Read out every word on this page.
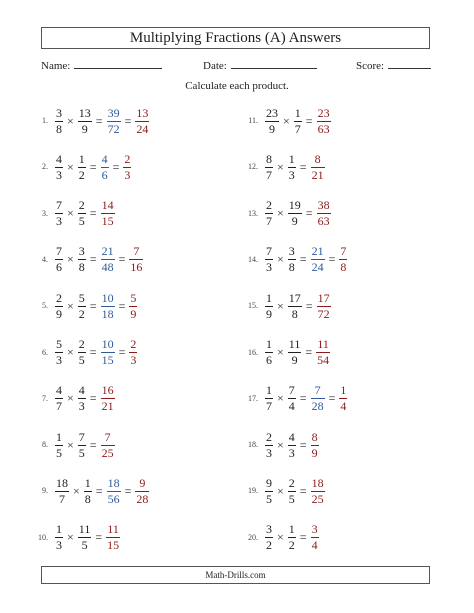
Multiplying Fractions (A) Answers
Name:	Date:	Score:
Calculate each product.
1. $\frac{3}{8} \times \frac{13}{9} = \frac{39}{72} = \frac{13}{24}$
2. $\frac{4}{3} \times \frac{1}{2} = \frac{4}{6} = \frac{2}{3}$
3. $\frac{7}{3} \times \frac{2}{5} = \frac{14}{15}$
4. $\frac{7}{6} \times \frac{3}{8} = \frac{21}{48} = \frac{7}{16}$
5. $\frac{2}{9} \times \frac{5}{2} = \frac{10}{18} = \frac{5}{9}$
6. $\frac{5}{3} \times \frac{2}{5} = \frac{10}{15} = \frac{2}{3}$
7. $\frac{4}{7} \times \frac{4}{3} = \frac{16}{21}$
8. $\frac{1}{5} \times \frac{7}{5} = \frac{7}{25}$
9. $\frac{18}{7} \times \frac{1}{8} = \frac{18}{56} = \frac{9}{28}$
10. $\frac{1}{3} \times \frac{11}{5} = \frac{11}{15}$
11. $\frac{23}{9} \times \frac{1}{7} = \frac{23}{63}$
12. $\frac{8}{7} \times \frac{1}{3} = \frac{8}{21}$
13. $\frac{2}{7} \times \frac{19}{9} = \frac{38}{63}$
14. $\frac{7}{3} \times \frac{3}{8} = \frac{21}{24} = \frac{7}{8}$
15. $\frac{1}{9} \times \frac{17}{8} = \frac{17}{72}$
16. $\frac{1}{6} \times \frac{11}{9} = \frac{11}{54}$
17. $\frac{1}{7} \times \frac{7}{4} = \frac{7}{28} = \frac{1}{4}$
18. $\frac{2}{3} \times \frac{4}{3} = \frac{8}{9}$
19. $\frac{9}{5} \times \frac{2}{5} = \frac{18}{25}$
20. $\frac{3}{2} \times \frac{1}{2} = \frac{3}{4}$
Math-Drills.com
